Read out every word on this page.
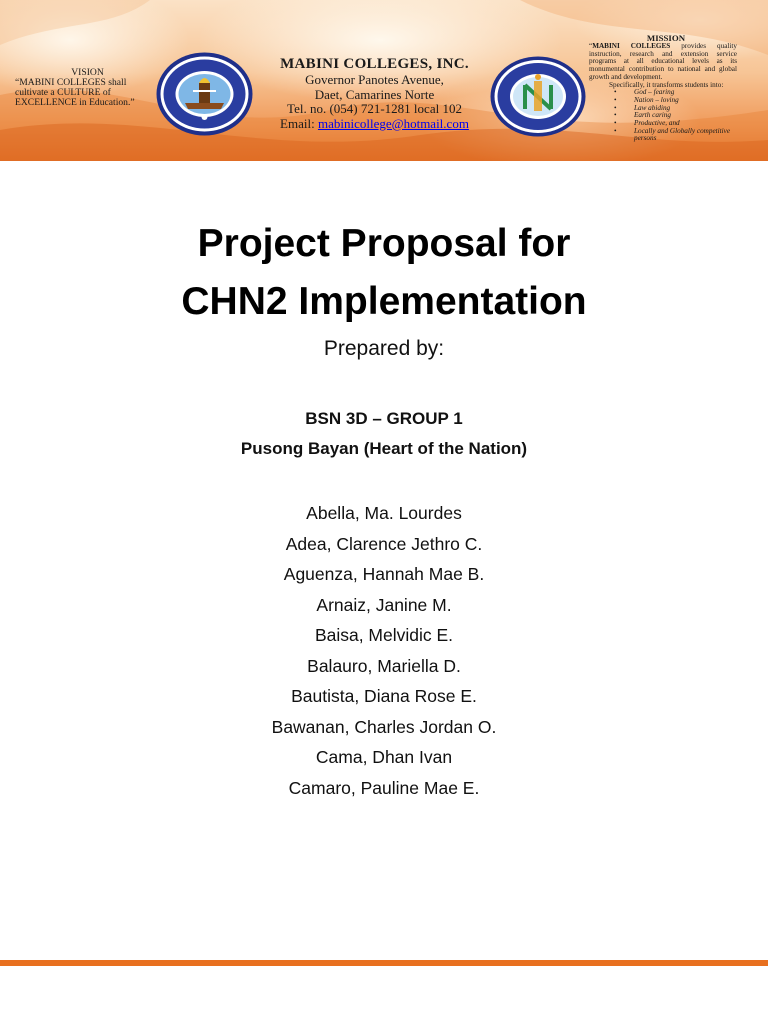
VISION
“MABINI COLLEGES shall cultivate a CULTURE of EXCELLENCE in Education.”
MABINI COLLEGES, INC.
Governor Panotes Avenue,
Daet, Camarines Norte
Tel. no. (054) 721-1281 local 102
Email: mabinicollege@hotmail.com
MISSION
“MABINI COLLEGES provides quality instruction, research and extension service programs at all educational levels as its monumental contribution to national and global growth and development.
Specifically, it transforms students into:
• God – fearing
• Nation – loving
• Law abiding
• Earth caring
• Productive, and
• Locally and Globally competitive persons
Project Proposal for
CHN2 Implementation
Prepared by:
BSN 3D – GROUP 1
Pusong Bayan (Heart of the Nation)
Abella, Ma. Lourdes
Adea, Clarence Jethro C.
Aguenza, Hannah Mae B.
Arnaiz, Janine M.
Baisa, Melvidic E.
Balauro, Mariella D.
Bautista, Diana Rose E.
Bawanan, Charles Jordan O.
Cama, Dhan Ivan
Camaro, Pauline Mae E.
